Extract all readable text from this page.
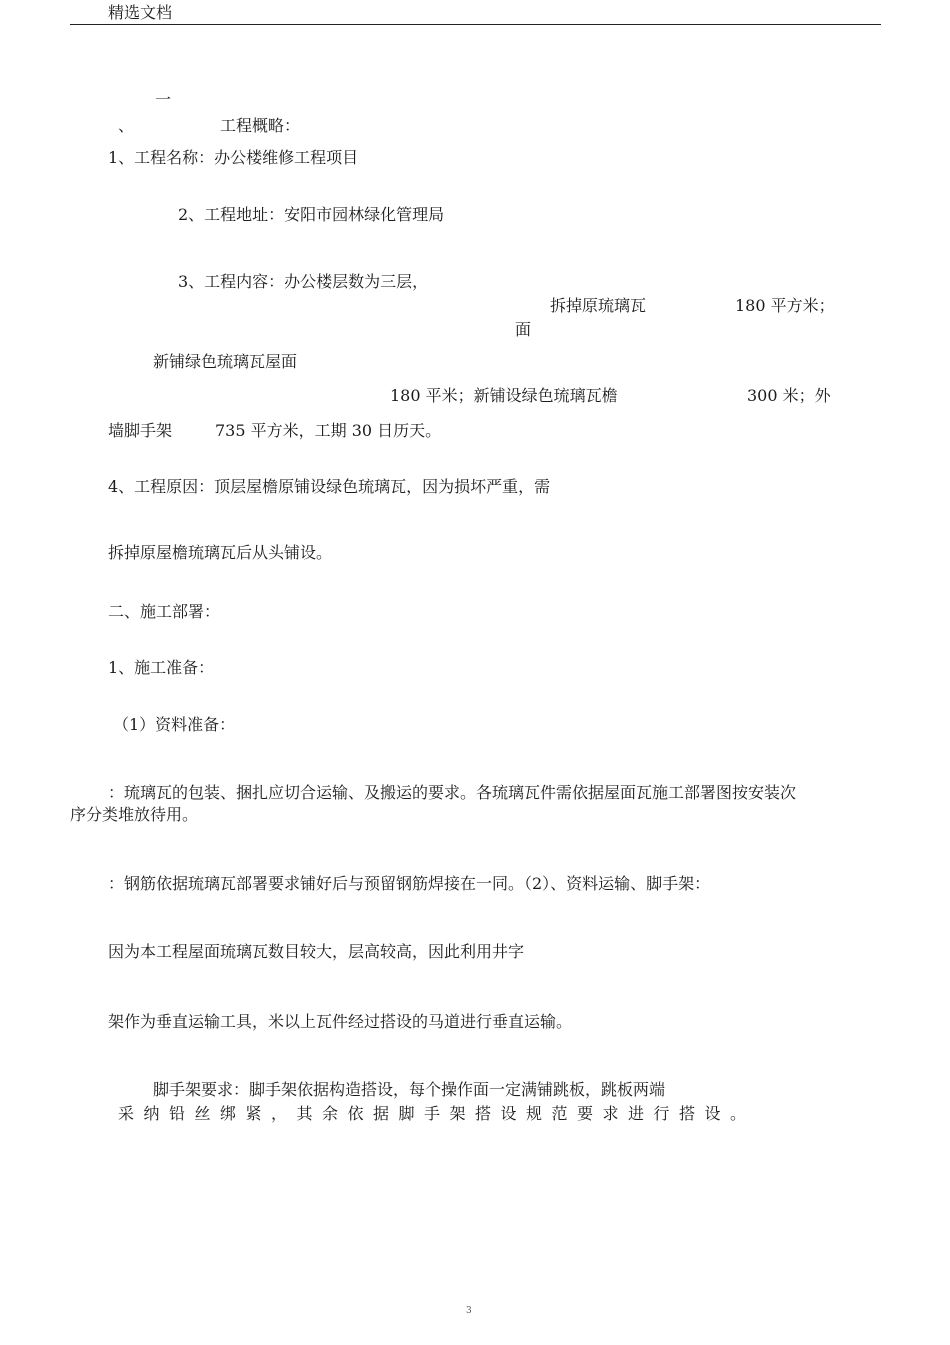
精选文档
一
、	工程概略：
1、工程名称：办公楼维修工程项目
2、工程地址：安阳市园林绿化管理局
3、工程内容：办公楼层数为三层，
拆掉原琉璃瓦	180 平方米；
面
新铺绿色琉璃瓦屋面
180 平米；新铺设绿色琉璃瓦檐	300 米；外
墙脚手架	735 平方米，工期 30 日历天。
4、工程原因：顶层屋檐原铺设绿色琉璃瓦，因为损坏严重，需
拆掉原屋檐琉璃瓦后从头铺设。
二、施工部署：
1、施工准备：
（1）资料准备：
：琉璃瓦的包装、捆扎应切合运输、及搬运的要求。各琉璃瓦件需依据屋面瓦施工部署图按安装次
序分类堆放待用。
：钢筋依据琉璃瓦部署要求铺好后与预留钢筋焊接在一同。（2）、资料运输、脚手架：
因为本工程屋面琉璃瓦数目较大，层高较高，因此利用井字
架作为垂直运输工具，米以上瓦件经过搭设的马道进行垂直运输。
脚手架要求：脚手架依据构造搭设，每个操作面一定满铺跳板，跳板两端
采纳铅丝绑紧，其余依据脚手架搭设规范要求进行搭设。
3
